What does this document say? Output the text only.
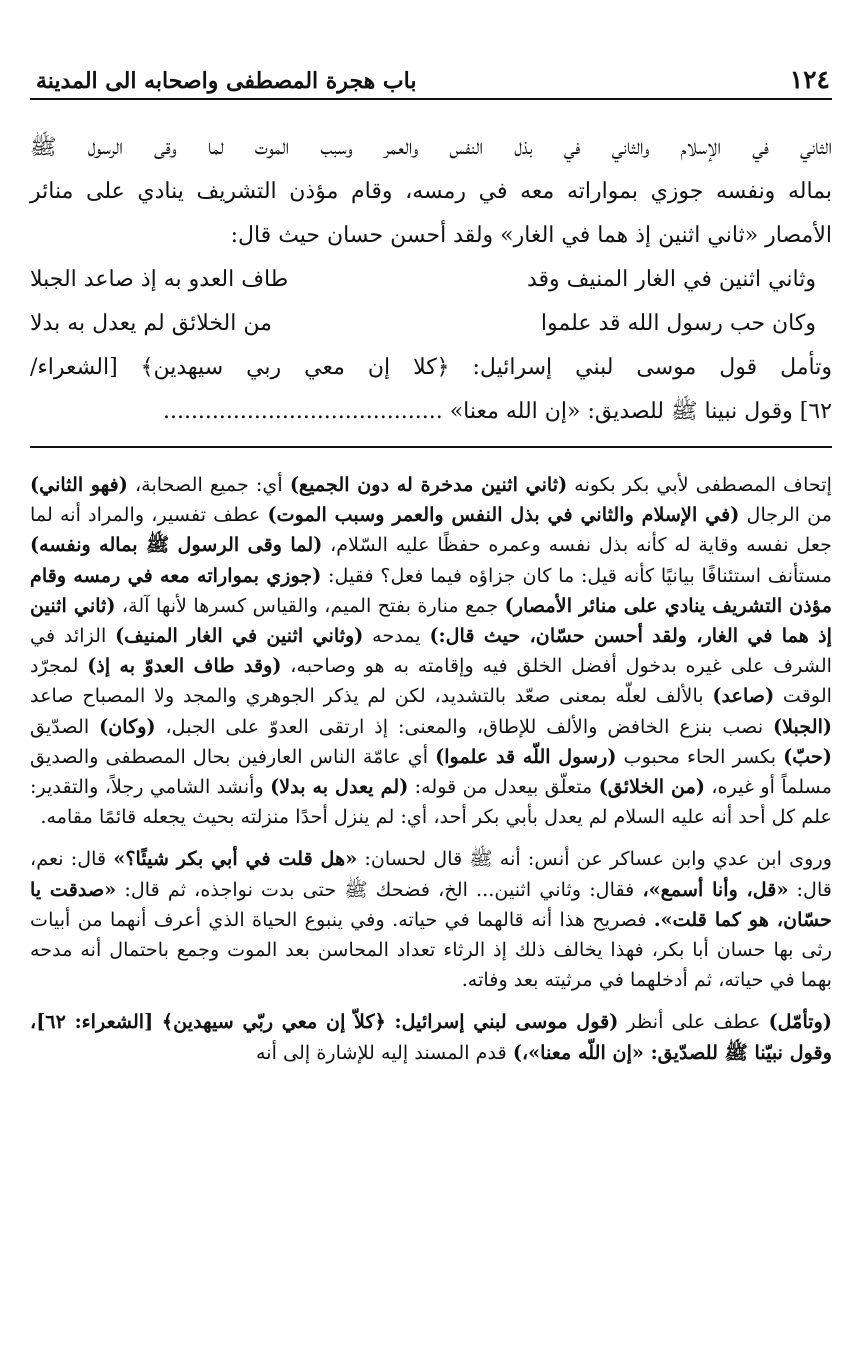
١٢٤
باب هجرة المصطفى واصحابه الى المدينة
الثاني في الإسلام والثاني في بذل النفس والعمر وسبب الموت لما وقى الرسول ﷺ
بماله ونفسه جوزي بمواراته معه في رمسه، وقام مؤذن التشريف ينادي على منائر
الأمصار «ثاني اثنين إذ هما في الغار» ولقد أحسن حسان حيث قال:
وثاني اثنين في الغار المنيف وقد
طاف العدو به إذ صاعد الجبلا
وكان حب رسول الله قد علموا
من الخلائق لم يعدل به بدلا
وتأمل قول موسى لبني إسرائيل: ﴿كلا إن معي ربي سيهدين﴾ [الشعراء/
٦٢] وقول نبينا ﷺ للصديق: «إن الله معنا» ........................................

إتحاف المصطفى لأبي بكر بكونه (ثاني اثنين مدخرة له دون الجميع) أي: جميع الصحابة، (فهو الثاني) من الرجال (في الإسلام والثاني في بذل النفس والعمر وسبب الموت) عطف تفسير، والمراد أنه لما جعل نفسه وقاية له كأنه بذل نفسه وعمره حفظًا عليه السّلام، (لما وقى الرسول ﷺ بماله ونفسه) مستأنف استئنافًا بيانيًا كأنه قيل: ما كان جزاؤه فيما فعل؟ فقيل: (جوزي بمواراته معه في رمسه وقام مؤذن التشريف ينادي على منائر الأمصار) جمع منارة بفتح الميم، والقياس كسرها لأنها آلة، (ثاني اثنين إذ هما في الغار، ولقد أحسن حسّان، حيث قال:) يمدحه (وثاني اثنين في الغار المنيف) الزائد في الشرف على غيره بدخول أفضل الخلق فيه وإقامته به هو وصاحبه، (وقد طاف العدوّ به إذ) لمجرّد الوقت (صاعد) بالألف لعلّه بمعنى صعّد بالتشديد، لكن لم يذكر الجوهري والمجد ولا المصباح صاعد (الجبلا) نصب بنزع الخافض والألف للإطاق، والمعنى: إذ ارتقى العدوّ على الجبل، (وكان) الصدّيق (حبّ) بكسر الحاء محبوب (رسول اللّه قد علموا) أي عامّة الناس العارفين بحال المصطفى والصديق مسلماً أو غيره، (من الخلائق) متعلّق بيعدل من قوله: (لم يعدل به بدلا) وأنشد الشامي رجلاً، والتقدير: علم كل أحد أنه عليه السلام لم يعدل بأبي بكر أحد، أي: لم ينزل أحدًا منزلته بحيث يجعله قائمًا مقامه.

وروى ابن عدي وابن عساكر عن أنس: أنه ﷺ قال لحسان: «هل قلت في أبي بكر شيئًا؟» قال: نعم، قال: «قل، وأنا أسمع»، فقال: وثاني اثنين... الخ، فضحك ﷺ حتى بدت نواجذه، ثم قال: «صدقت يا حسّان، هو كما قلت». فصريح هذا أنه قالهما في حياته. وفي ينبوع الحياة الذي أعرف أنهما من أبيات رثى بها حسان أبا بكر، فهذا يخالف ذلك إذ الرثاء تعداد المحاسن بعد الموت وجمع باحتمال أنه مدحه بهما في حياته، ثم أدخلهما في مرثيته بعد وفاته.

(وتأمّل) عطف على أنظر (قول موسى لبني إسرائيل: ﴿كلاّ إن معي ربّي سيهدين﴾ [الشعراء: ٦٢]، وقول نبيّنا ﷺ للصدّيق: «إن اللّه معنا»،) قدم المسند إليه للإشارة إلى أنه
